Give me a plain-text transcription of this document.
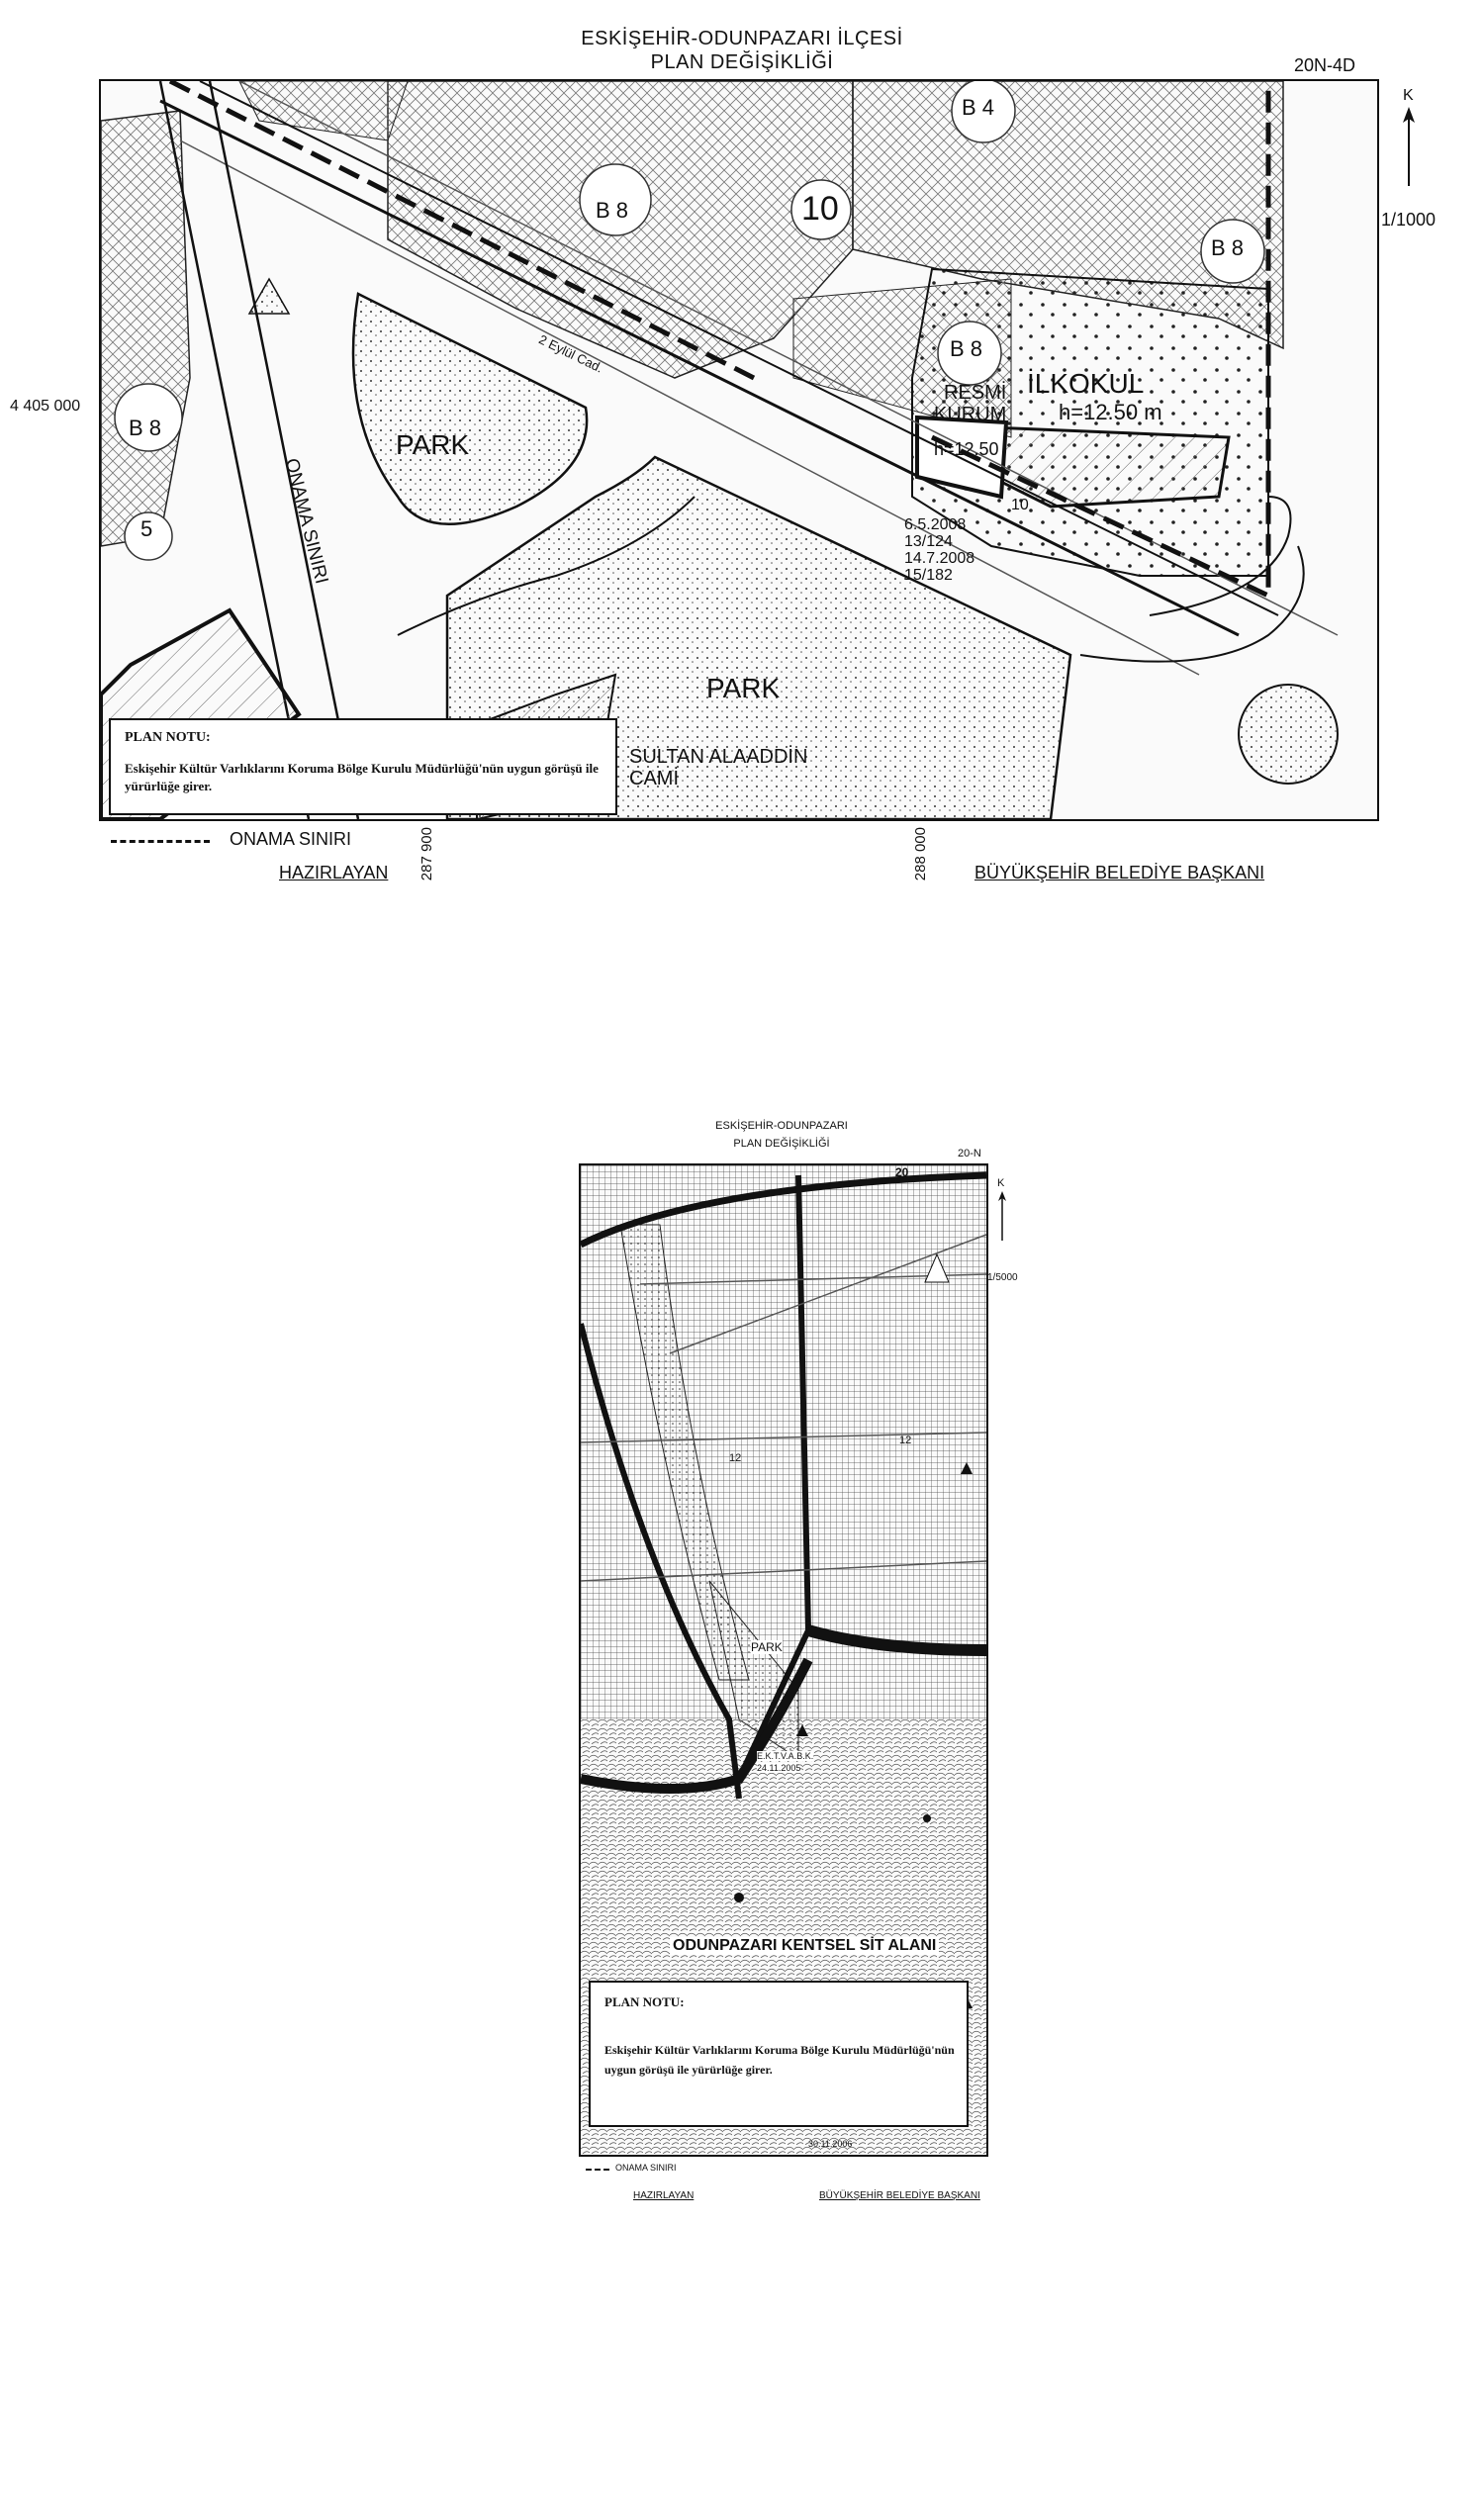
ESKİŞEHİR-ODUNPAZARI İLÇESİ
PLAN DEĞİŞİKLİĞİ	20N-4D
B 8
5
B 8	10
B 8
B 8
B 4
PARK
PARK
ONAMA SINIRI
RESMİ
KURUM
h=12.50
İLKOKUL
h=12.50 m
10
6.5.2008
13/124
14.7.2008
15/182
2 Eylül Cad.
SULTAN ALAADDİN
CAMİ
PLAN NOTU:
Eskişehir Kültür Varlıklarını Koruma Bölge Kurulu Müdürlüğü'nün uygun görüşü ile yürürlüğe girer.
K
1/1000
4 405 000
ONAMA SINIRI	287 900	288 000
HAZIRLAYAN	BÜYÜKŞEHİR BELEDİYE BAŞKANI
ESKİŞEHİR-ODUNPAZARI
PLAN DEĞİŞİKLİĞİ
20-N
20
12
12
PARK
E.K.T.V.A.B.K.
24.11.2005
ODUNPAZARI KENTSEL SİT ALANI
PLAN NOTU:
Eskişehir Kültür Varlıklarını Koruma Bölge Kurulu Müdürlüğü'nün uygun görüşü ile yürürlüğe girer.
30.11.2006
K
1/5000
ONAMA SINIRI
HAZIRLAYAN	BÜYÜKŞEHİR BELEDİYE BAŞKANI
